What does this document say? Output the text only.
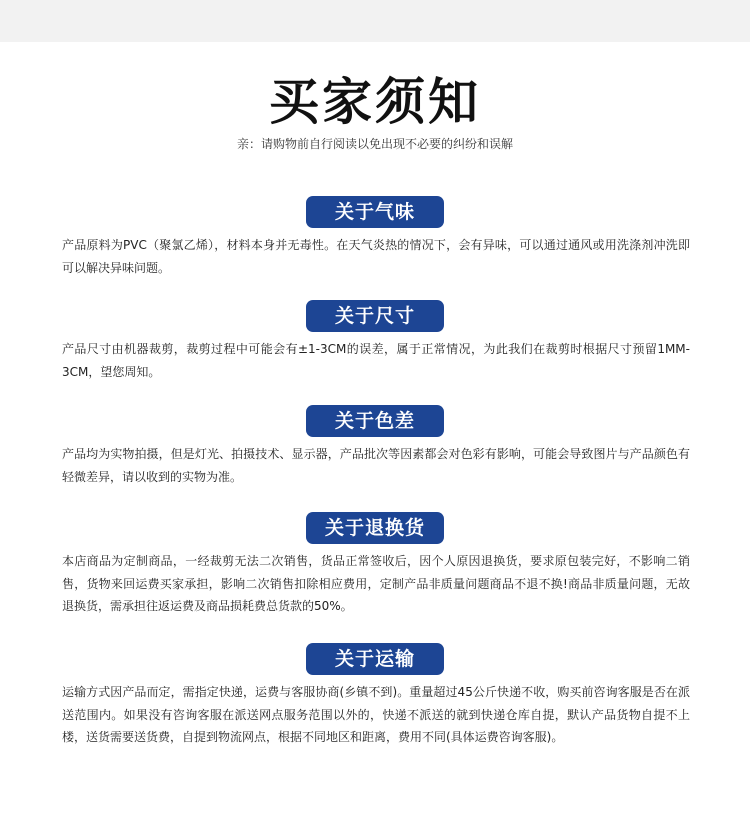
买家须知
亲：请购物前自行阅读以免出现不必要的纠纷和误解
关于气味
产品原料为PVC（聚氯乙烯），材料本身并无毒性。在天气炎热的情况下，会有异味，可以通过通风或用洗涤剂冲洗即可以解决异味问题。
关于尺寸
产品尺寸由机器裁剪，裁剪过程中可能会有±1-3CM的误差，属于正常情况，为此我们在裁剪时根据尺寸预留1MM-3CM，望您周知。
关于色差
产品均为实物拍摄，但是灯光、拍摄技术、显示器，产品批次等因素都会对色彩有影响，可能会导致图片与产品颜色有轻微差异，请以收到的实物为准。
关于退换货
本店商品为定制商品，一经裁剪无法二次销售，货品正常签收后，因个人原因退换货，要求原包装完好，不影响二销售，货物来回运费买家承担，影响二次销售扣除相应费用，定制产品非质量问题商品不退不换!商品非质量问题，无故退换货，需承担往返运费及商品损耗费总货款的50%。
关于运输
运输方式因产品而定，需指定快递，运费与客服协商(乡镇不到)。重量超过45公斤快递不收，购买前咨询客服是否在派送范围内。如果没有咨询客服在派送网点服务范围以外的，快递不派送的就到快递仓库自提，默认产品货物自提不上楼，送货需要送货费，自提到物流网点，根据不同地区和距离，费用不同(具体运费咨询客服)。
